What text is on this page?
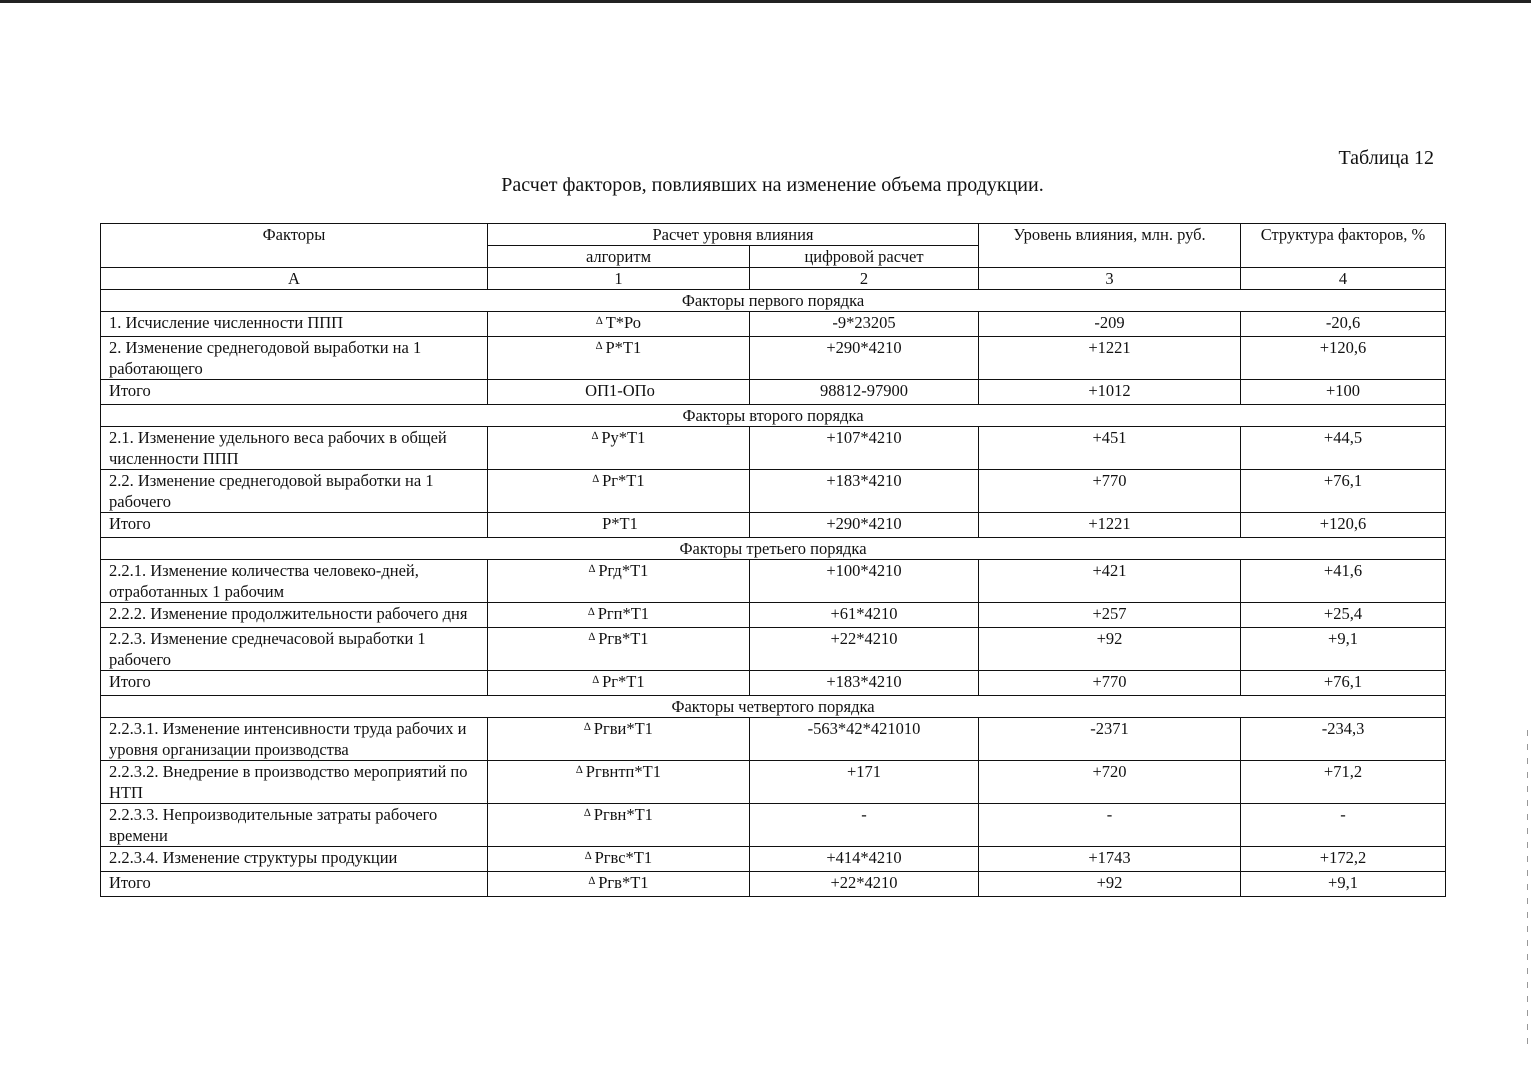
Таблица 12
Расчет факторов, повлиявших на изменение объема продукции.
Факторы	Расчет уровня влияния		Уровень влияния, млн. руб.	Структура факторов, %
	алгоритм	цифровой расчет		
А	1	2	3	4
Факторы первого порядка				
1. Исчисление численности ППП	∆ Т*Ро	-9*23205	-209	-20,6
2. Изменение среднегодовой выработки на 1 работающего	∆ Р*Т1	+290*4210	+1221	+120,6
Итого	ОП1-ОПо	98812-97900	+1012	+100
Факторы второго порядка				
2.1. Изменение удельного веса рабочих в общей численности ППП	∆ Ру*Т1	+107*4210	+451	+44,5
2.2. Изменение среднегодовой выработки на 1 рабочего	∆ Рг*Т1	+183*4210	+770	+76,1
Итого	Р*Т1	+290*4210	+1221	+120,6
Факторы третьего порядка				
2.2.1. Изменение количества человеко-дней, отработанных 1 рабочим	∆ Ргд*Т1	+100*4210	+421	+41,6
2.2.2. Изменение продолжительности рабочего дня	∆ Ргп*Т1	+61*4210	+257	+25,4
2.2.3. Изменение среднечасовой выработки 1 рабочего	∆ Ргв*Т1	+22*4210	+92	+9,1
Итого	∆ Рг*Т1	+183*4210	+770	+76,1
Факторы четвертого порядка				
2.2.3.1. Изменение интенсивности труда рабочих и уровня организации производства	∆ Ргви*Т1	-563*42*421010	-2371	-234,3
2.2.3.2. Внедрение в производство мероприятий по НТП	∆ Ргвнтп*Т1	+171	+720	+71,2
2.2.3.3. Непроизводительные затраты рабочего времени	∆ Ргвн*Т1	-	-	-
2.2.3.4. Изменение структуры продукции	∆ Ргвс*Т1	+414*4210	+1743	+172,2
Итого	∆ Ргв*Т1	+22*4210	+92	+9,1
